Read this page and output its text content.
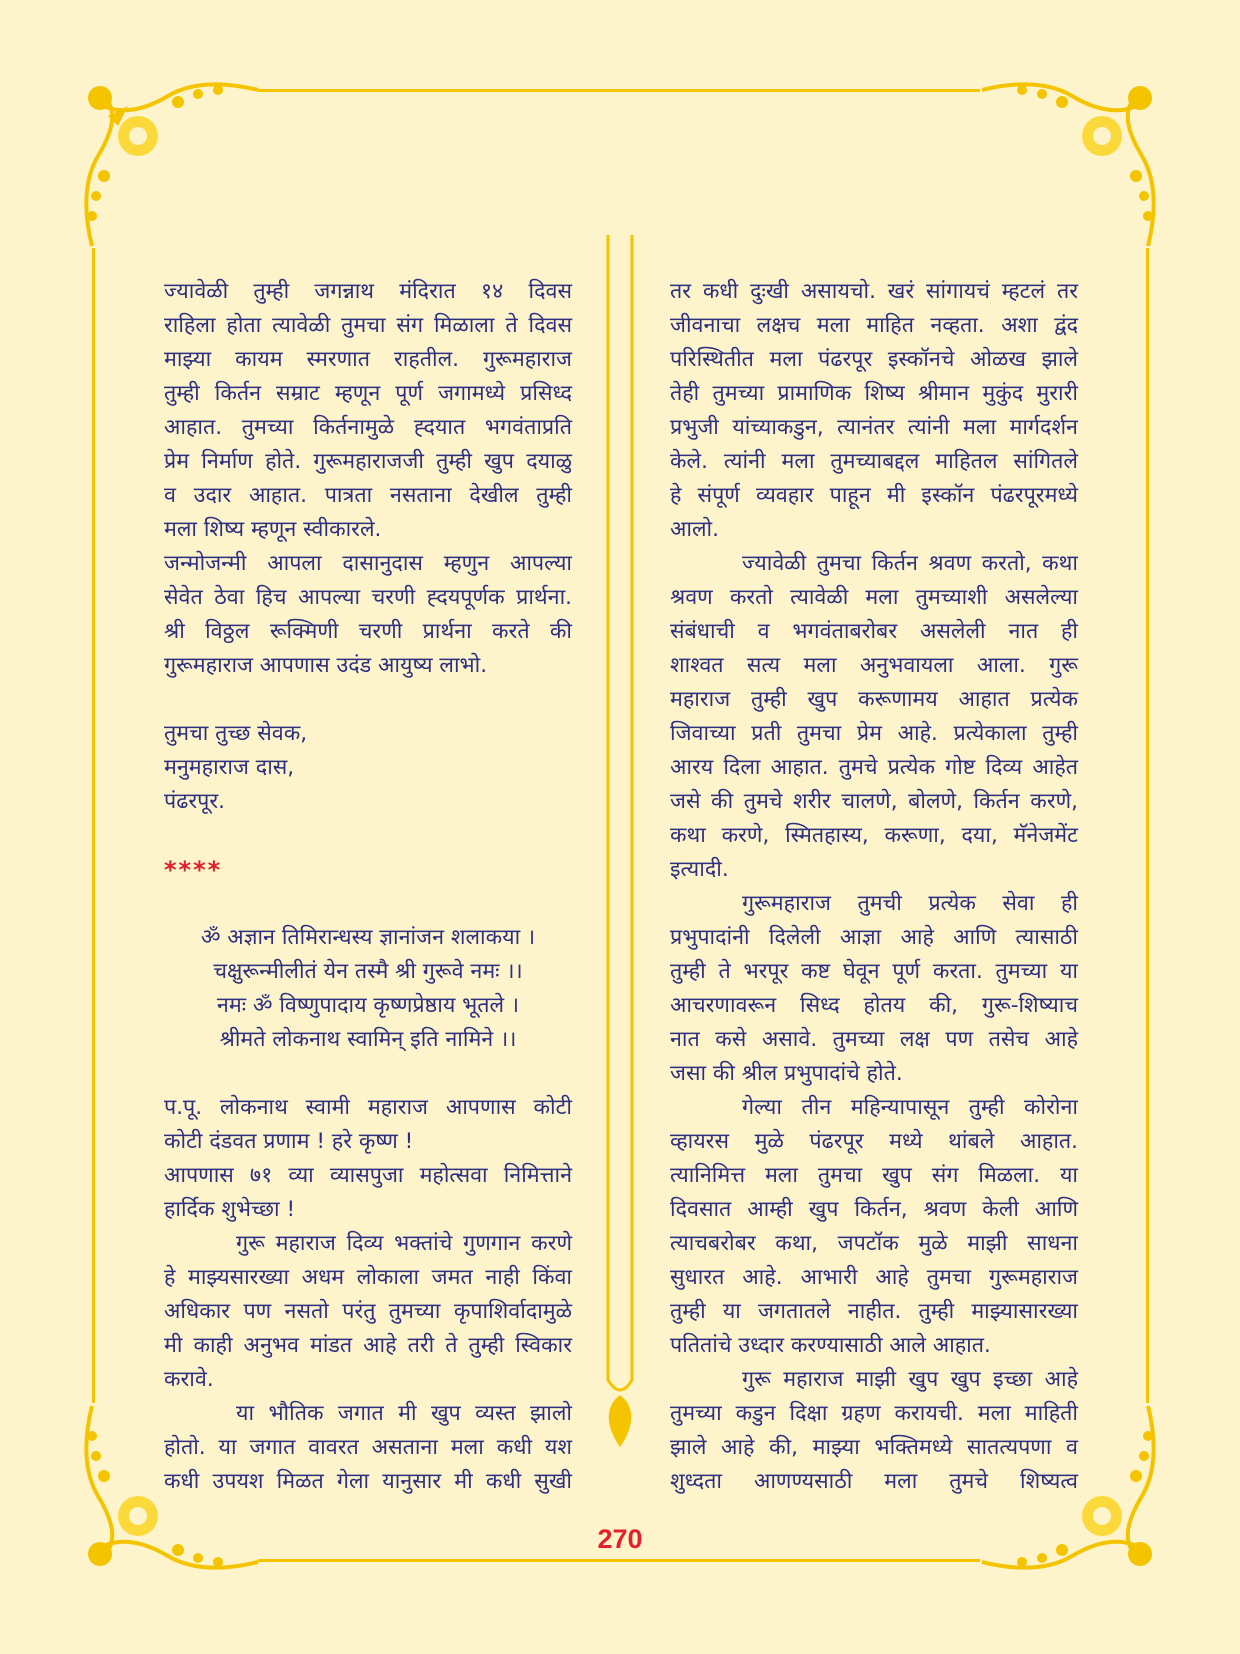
ज्यावेळी तुम्ही जगन्नाथ मंदिरात १४ दिवस
राहिला होता त्यावेळी तुमचा संग मिळाला ते दिवस
माझ्या कायम स्मरणात राहतील. गुरूमहाराज
तुम्ही किर्तन सम्राट म्हणून पूर्ण जगामध्ये प्रसिध्द
आहात. तुमच्या किर्तनामुळे ह्दयात भगवंताप्रति
प्रेम निर्माण होते. गुरूमहाराजजी तुम्ही खुप दयाळु
व उदार आहात. पात्रता नसताना देखील तुम्ही
मला शिष्य म्हणून स्वीकारले.
जन्मोजन्मी आपला दासानुदास म्हणुन आपल्या
सेवेत ठेवा हिच आपल्या चरणी ह्दयपूर्णक प्रार्थना.
श्री विठ्ठल रूक्मिणी चरणी प्रार्थना करते की
गुरूमहाराज आपणास उदंड आयुष्य लाभो.
तुमचा तुच्छ सेवक,
मनुमहाराज दास,
पंढरपूर.
****
ॐ अज्ञान तिमिरान्धस्य ज्ञानांजन शलाकया ।
चक्षुरून्मीलीतं येन तस्मै श्री गुरूवे नमः ।।
नमः ॐ विष्णुपादाय कृष्णप्रेष्ठाय भूतले ।
श्रीमते लोकनाथ स्वामिन् इति नामिने ।।
प.पू. लोकनाथ स्वामी महाराज आपणास कोटी
कोटी दंडवत प्रणाम ! हरे कृष्ण !
आपणास ७१ व्या व्यासपुजा महोत्सवा निमित्ताने
हार्दिक शुभेच्छा !
गुरू महाराज दिव्य भक्तांचे गुणगान करणे
हे माझ्यसारख्या अधम लोकाला जमत नाही किंवा
अधिकार पण नसतो परंतु तुमच्या कृपाशिर्वादामुळे
मी काही अनुभव मांडत आहे तरी ते तुम्ही स्विकार
करावे.
या भौतिक जगात मी खुप व्यस्त झालो
होतो. या जगात वावरत असताना मला कधी यश
कधी उपयश मिळत गेला यानुसार मी कधी सुखी
तर कधी दुःखी असायचो. खरं सांगायचं म्हटलं तर
जीवनाचा लक्षच मला माहित नव्हता. अशा द्वंद
परिस्थितीत मला पंढरपूर इस्कॉनचे ओळख झाले
तेही तुमच्या प्रामाणिक शिष्य श्रीमान मुकुंद मुरारी
प्रभुजी यांच्याकडुन, त्यानंतर त्यांनी मला मार्गदर्शन
केले. त्यांनी मला तुमच्याबद्दल माहितल सांगितले
हे संपूर्ण व्यवहार पाहून मी इस्कॉन पंढरपूरमध्ये
आलो.
ज्यावेळी तुमचा किर्तन श्रवण करतो, कथा
श्रवण करतो त्यावेळी मला तुमच्याशी असलेल्या
संबंधाची व भगवंताबरोबर असलेली नात ही
शाश्वत सत्य मला अनुभवायला आला. गुरू
महाराज तुम्ही खुप करूणामय आहात प्रत्येक
जिवाच्या प्रती तुमचा प्रेम आहे. प्रत्येकाला तुम्ही
आरय दिला आहात. तुमचे प्रत्येक गोष्ट दिव्य आहेत
जसे की तुमचे शरीर चालणे, बोलणे, किर्तन करणे,
कथा करणे, स्मितहास्य, करूणा, दया, मॅनेजमेंट
इत्यादी.
गुरूमहाराज तुमची प्रत्येक सेवा ही
प्रभुपादांनी दिलेली आज्ञा आहे आणि त्यासाठी
तुम्ही ते भरपूर कष्ट घेवून पूर्ण करता. तुमच्या या
आचरणावरून सिध्द होतय की, गुरू-शिष्याच
नात कसे असावे. तुमच्या लक्ष पण तसेच आहे
जसा की श्रील प्रभुपादांचे होते.
गेल्या तीन महिन्यापासून तुम्ही कोरोना
व्हायरस मुळे पंढरपूर मध्ये थांबले आहात.
त्यानिमित्त मला तुमचा खुप संग मिळला. या
दिवसात आम्ही खुप किर्तन, श्रवण केली आणि
त्याचबरोबर कथा, जपटॉक मुळे माझी साधना
सुधारत आहे. आभारी आहे तुमचा गुरूमहाराज
तुम्ही या जगतातले नाहीत. तुम्ही माझ्यासारख्या
पतितांचे उध्दार करण्यासाठी आले आहात.
गुरू महाराज माझी खुप खुप इच्छा आहे
तुमच्या कडुन दिक्षा ग्रहण करायची. मला माहिती
झाले आहे की, माझ्या भक्तिमध्ये सातत्यपणा व
शुध्दता आणण्यसाठी मला तुमचे शिष्यत्व
270
